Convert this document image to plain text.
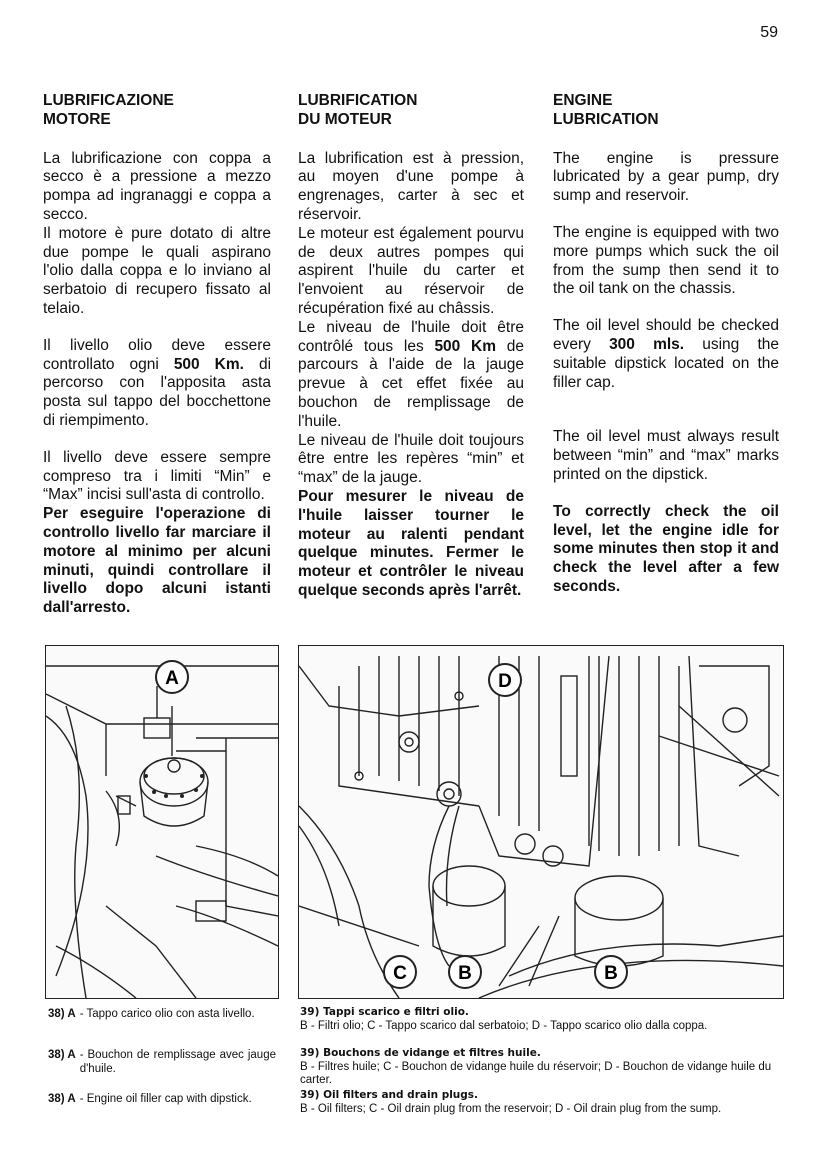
59
LUBRIFICAZIONE
MOTORE

La lubrificazione con coppa a secco è a pressione a mezzo pompa ad ingranaggi e coppa a secco.

Il motore è pure dotato di altre due pompe le quali aspirano l'olio dalla coppa e lo inviano al serbatoio di recupero fissato al telaio.

Il livello olio deve essere controllato ogni 500 Km. di percorso con l'apposita asta posta sul tappo del bocchettone di riempimento.

Il livello deve essere sempre compreso tra i limiti “Min” e “Max” incisi sull'asta di controllo.

Per eseguire l'operazione di controllo livello far marciare il motore al minimo per alcuni minuti, quindi controllare il livello dopo alcuni istanti dall'arresto.

LUBRIFICATION
DU MOTEUR

La lubrification est à pression, au moyen d'une pompe à engrenages, carter à sec et réservoir.

Le moteur est également pourvu de deux autres pompes qui aspirent l'huile du carter et l'envoient au réservoir de récupération fixé au châssis.

Le niveau de l'huile doit être contrôlé tous les 500 Km de parcours à l'aide de la jauge prevue à cet effet fixée au bouchon de remplissage de l'huile.

Le niveau de l'huile doit toujours être entre les repères “min” et “max” de la jauge.

Pour mesurer le niveau de l'huile laisser tourner le moteur au ralenti pendant quelque minutes. Fermer le moteur et contrôler le niveau quelque seconds après l'arrêt.

ENGINE
LUBRICATION

The engine is pressure lubricated by a gear pump, dry sump and reservoir.

The engine is equipped with two more pumps which suck the oil from the sump then send it to the oil tank on the chassis.

The oil level should be checked every 300 mls. using the suitable dipstick located on the filler cap.

The oil level must always result between “min” and “max” marks printed on the dipstick.

To correctly check the oil level, let the engine idle for some minutes then stop it and check the level after a few seconds.

A	D
C	B	B
38) A - Tappo carico olio con asta livello.
38) A - Bouchon de remplissage avec jauge d'huile.
38) A - Engine oil filler cap with dipstick.
39) Tappi scarico e filtri olio.
B - Filtri olio; C - Tappo scarico dal serbatoio; D - Tappo scarico olio dalla coppa.
39) Bouchons de vidange et filtres huile.
B - Filtres huile; C - Bouchon de vidange huile du réservoir; D - Bouchon de vidange huile du carter.
39) Oil filters and drain plugs.
B - Oil filters; C - Oil drain plug from the reservoir; D - Oil drain plug from the sump.
